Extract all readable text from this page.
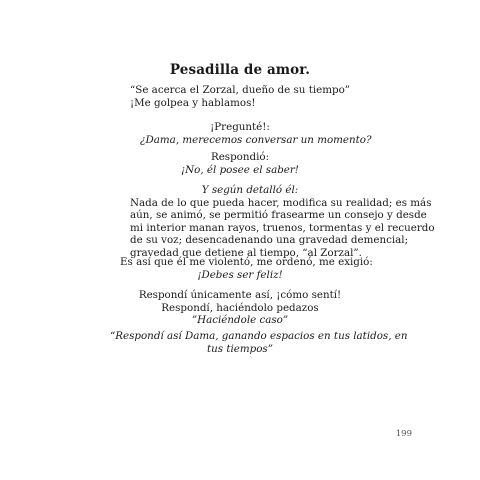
Pesadilla de amor.
“Se acerca el Zorzal, dueño de su tiempo”
¡Me golpea y hablamos!
¡Pregunté!:
¿Dama, merecemos conversar un momento?
Respondió:
¡No, él posee el saber!
Y según detalló él:
Nada de lo que pueda hacer, modifica su realidad; es más
aún, se animó, se permitió frasearme un consejo y desde
mi interior manan rayos, truenos, tormentas y el recuerdo
de su voz; desencadenando una gravedad demencial;
gravedad que detiene al tiempo, “al Zorzal”.
Es así que él me violentó, me ordenó, me exigió:
¡Debes ser feliz!
Respondí únicamente así, ¡cómo sentí!
Respondí, haciéndolo pedazos
”Haciéndole caso”
“Respondí así Dama, ganando espacios en tus latidos, en
tus tiempos”
199
